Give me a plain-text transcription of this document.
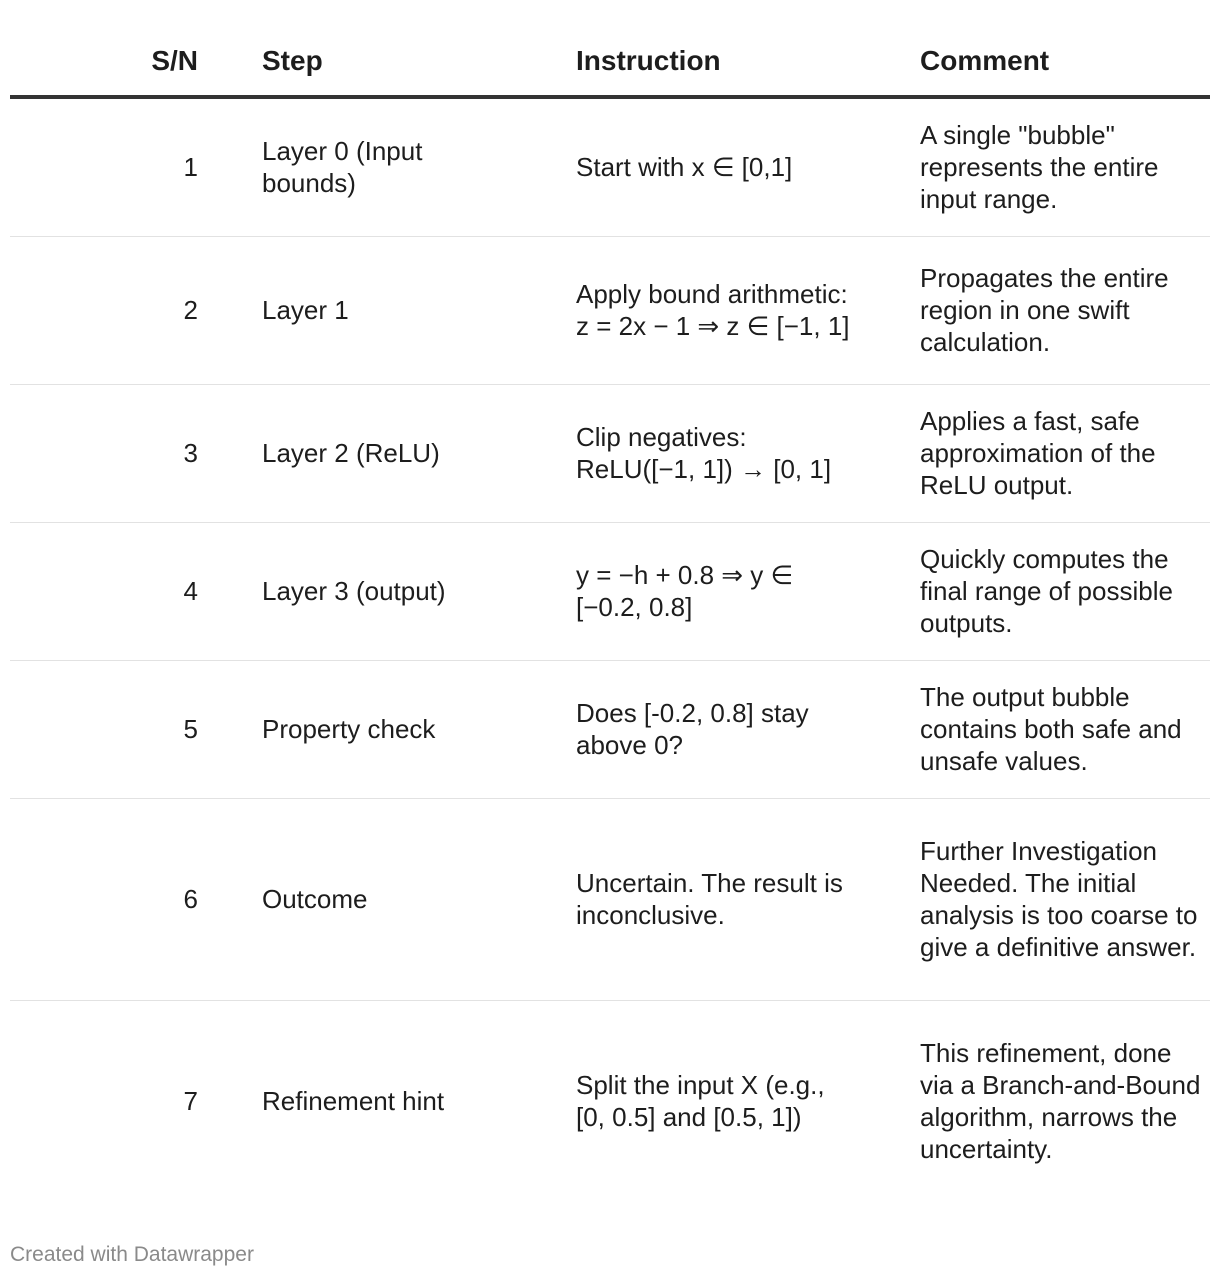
S/N	Step	Instruction	Comment
1	Layer 0 (Input bounds)	Start with x ∈ [0,1]	A single "bubble" represents the entire input range.
2	Layer 1	Apply bound arithmetic: z = 2x − 1 ⇒ z ∈ [−1, 1]	Propagates the entire region in one swift calculation.
3	Layer 2 (ReLU)	Clip negatives: ReLU([−1, 1]) → [0, 1]	Applies a fast, safe approximation of the ReLU output.
4	Layer 3 (output)	y = −h + 0.8 ⇒ y ∈ [−0.2, 0.8]	Quickly computes the final range of possible outputs.
5	Property check	Does [-0.2, 0.8] stay above 0?	The output bubble contains both safe and unsafe values.
6	Outcome	Uncertain. The result is inconclusive.	Further Investigation Needed. The initial analysis is too coarse to give a definitive answer.
7	Refinement hint	Split the input X (e.g., [0, 0.5] and [0.5, 1])	This refinement, done via a Branch-and-Bound algorithm, narrows the uncertainty.
Created with Datawrapper
